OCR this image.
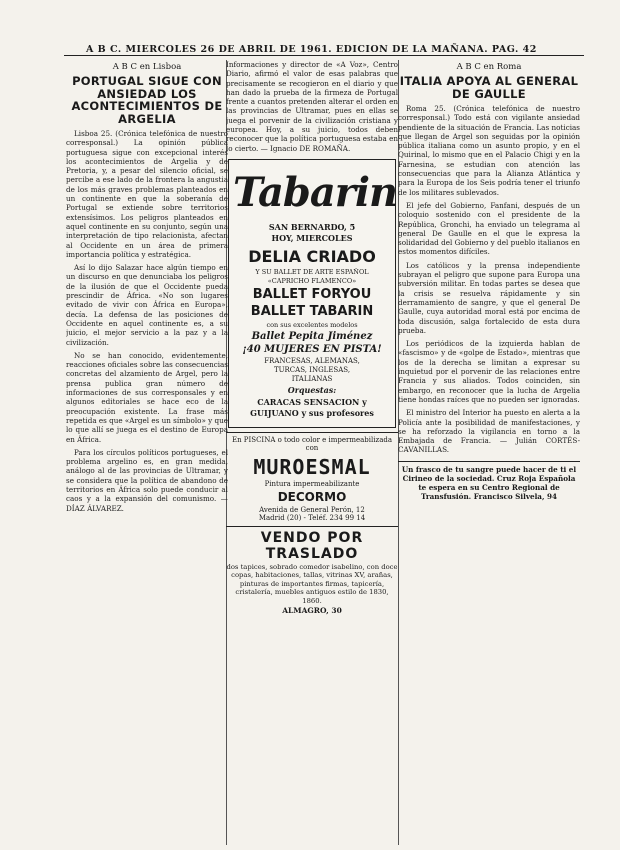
A B C. MIERCOLES 26 DE ABRIL DE 1961. EDICION DE LA MAÑANA. PAG. 42
A B C en Lisboa
PORTUGAL SIGUE CON ANSIEDAD LOS ACONTECIMIENTOS DE ARGELIA

Lisboa 25. (Crónica telefónica de nuestro corresponsal.) La opinión pública portuguesa sigue con excepcional interés los acontecimientos de Argelia y de Pretoria, y, a pesar del silencio oficial, se percibe a ese lado de la frontera la angustia de los más graves problemas planteados en un continente en que la soberanía de Portugal se extiende sobre territorios extensísimos. Los peligros planteados en aquel continente en su conjunto, según una interpretación de tipo relacionista, afectan al Occidente en un área de primera importancia política y estratégica.

Así lo dijo Salazar hace algún tiempo en un discurso en que denunciaba los peligros de la ilusión de que el Occidente pueda prescindir de África. «No son lugares evitado de vivir con África en Europa», decía. La defensa de las posiciones de Occidente en aquel continente es, a su juicio, el mejor servicio a la paz y a la civilización.

No se han conocido, evidentemente, reacciones oficiales sobre las consecuencias concretas del alzamiento de Argel, pero la prensa publica gran número de informaciones de sus corresponsales y en algunos editoriales se hace eco de la preocupación existente. La frase más repetida es que «Argel es un símbolo» y que lo que allí se juega es el destino de Europa en África.

Para los círculos políticos portugueses, el problema argelino es, en gran medida, análogo al de las provincias de Ultramar, y se considera que la política de abandono de territorios en África solo puede conducir al caos y a la expansión del comunismo. — DÍAZ ÁLVAREZ.

Informaciones y director de «A Voz», Centro Diario, afirmó el valor de esas palabras que precisamente se recogieron en el diario y que han dado la prueba de la firmeza de Portugal frente a cuantos pretenden alterar el orden en las provincias de Ultramar, pues en ellas se juega el porvenir de la civilización cristiana y europea. Hoy, a su juicio, todos deben reconocer que la política portuguesa estaba en lo cierto. — Ignacio DE ROMAÑA.

Tabarin
SAN BERNARDO, 5
HOY, MIERCOLES
DELIA CRIADO
Y SU BALLET DE ARTE ESPAÑOL
«CAPRICHO FLAMENCO»
BALLET FORYOU
BALLET TABARIN
con sus excelentes modelos
Ballet Pepita Jiménez
¡40 MUJERES EN PISTA!
FRANCESAS, ALEMANAS,
TURCAS, INGLESAS,
ITALIANAS
Orquestas:
CARACAS SENSACION y
GUIJUANO y sus profesores
En PISCINA o todo color e impermeabilizada con
MUROESMAL
Pintura impermeabilizante
DECORMO
Avenida de General Perón, 12
Madrid (20) - Teléf. 234 99 14
VENDO POR TRASLADO
dos tapices, sobrado comedor isabelino, con doce copas, habitaciones, tallas, vitrinas XV, arañas, pinturas de importantes firmas, tapicería, cristalería, muebles antiguos estilo de 1830, 1860.
ALMAGRO, 30
A B C en Roma
ITALIA APOYA AL GENERAL DE GAULLE

Roma 25. (Crónica telefónica de nuestro corresponsal.) Todo está con vigilante ansiedad pendiente de la situación de Francia. Las noticias que llegan de Argel son seguidas por la opinión pública italiana como un asunto propio, y en el Quirinal, lo mismo que en el Palacio Chigi y en la Farnesina, se estudian con atención las consecuencias que para la Alianza Atlántica y para la Europa de los Seis podría tener el triunfo de los militares sublevados.

El jefe del Gobierno, Fanfani, después de un coloquio sostenido con el presidente de la República, Gronchi, ha enviado un telegrama al general De Gaulle en el que le expresa la solidaridad del Gobierno y del pueblo italianos en estos momentos difíciles.

Los católicos y la prensa independiente subrayan el peligro que supone para Europa una subversión militar. En todas partes se desea que la crisis se resuelva rápidamente y sin derramamiento de sangre, y que el general De Gaulle, cuya autoridad moral está por encima de toda discusión, salga fortalecido de esta dura prueba.

Los periódicos de la izquierda hablan de «fascismo» y de «golpe de Estado», mientras que los de la derecha se limitan a expresar su inquietud por el porvenir de las relaciones entre Francia y sus aliados. Todos coinciden, sin embargo, en reconocer que la lucha de Argelia tiene hondas raíces que no pueden ser ignoradas.

El ministro del Interior ha puesto en alerta a la Policía ante la posibilidad de manifestaciones, y se ha reforzado la vigilancia en torno a la Embajada de Francia. — Julián CORTÉS-CAVANILLAS.

Un frasco de tu sangre puede hacer de ti el Cirineo de la sociedad. Cruz Roja Española te espera en su Centro Regional de Transfusión. Francisco Silvela, 94
